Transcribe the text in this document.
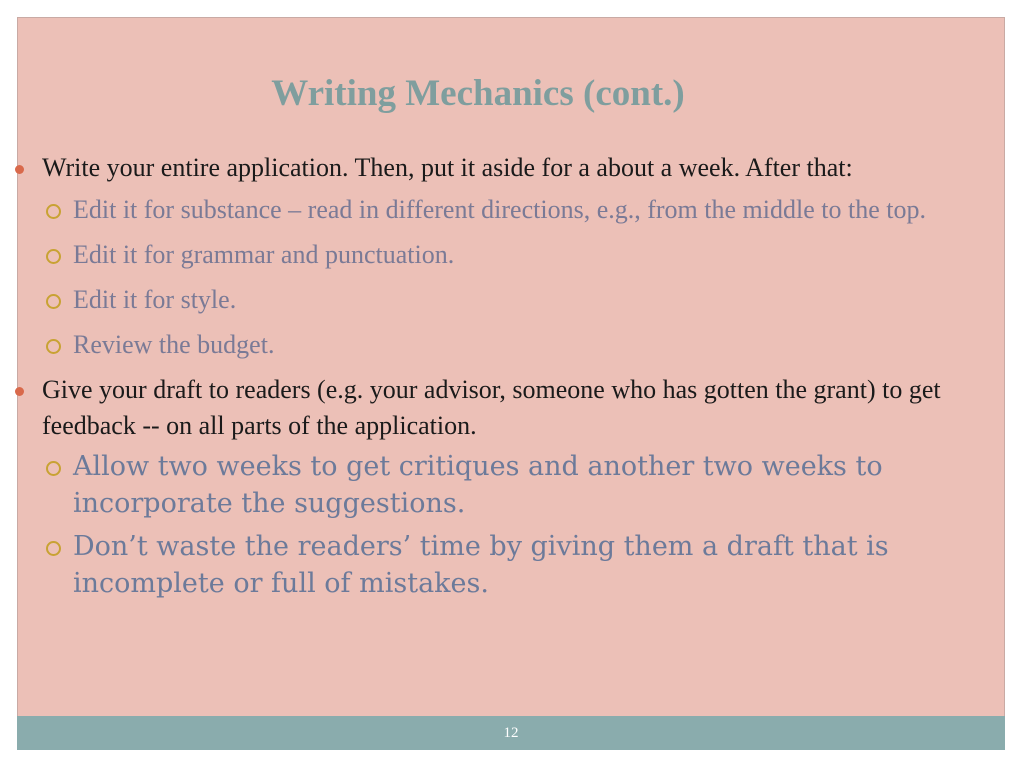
Writing Mechanics (cont.)
Write your entire application. Then, put it aside for a about a week. After that:
Edit it for substance – read in different directions, e.g., from the middle to the top.
Edit it for grammar and punctuation.
Edit it for style.
Review the budget.
Give your draft to readers (e.g. your advisor, someone who has gotten the grant) to get feedback -- on all parts of the application.
Allow two weeks to get critiques and another two weeks to incorporate the suggestions.
Don’t waste the readers’ time by giving them a draft that is incomplete or full of mistakes.
12
